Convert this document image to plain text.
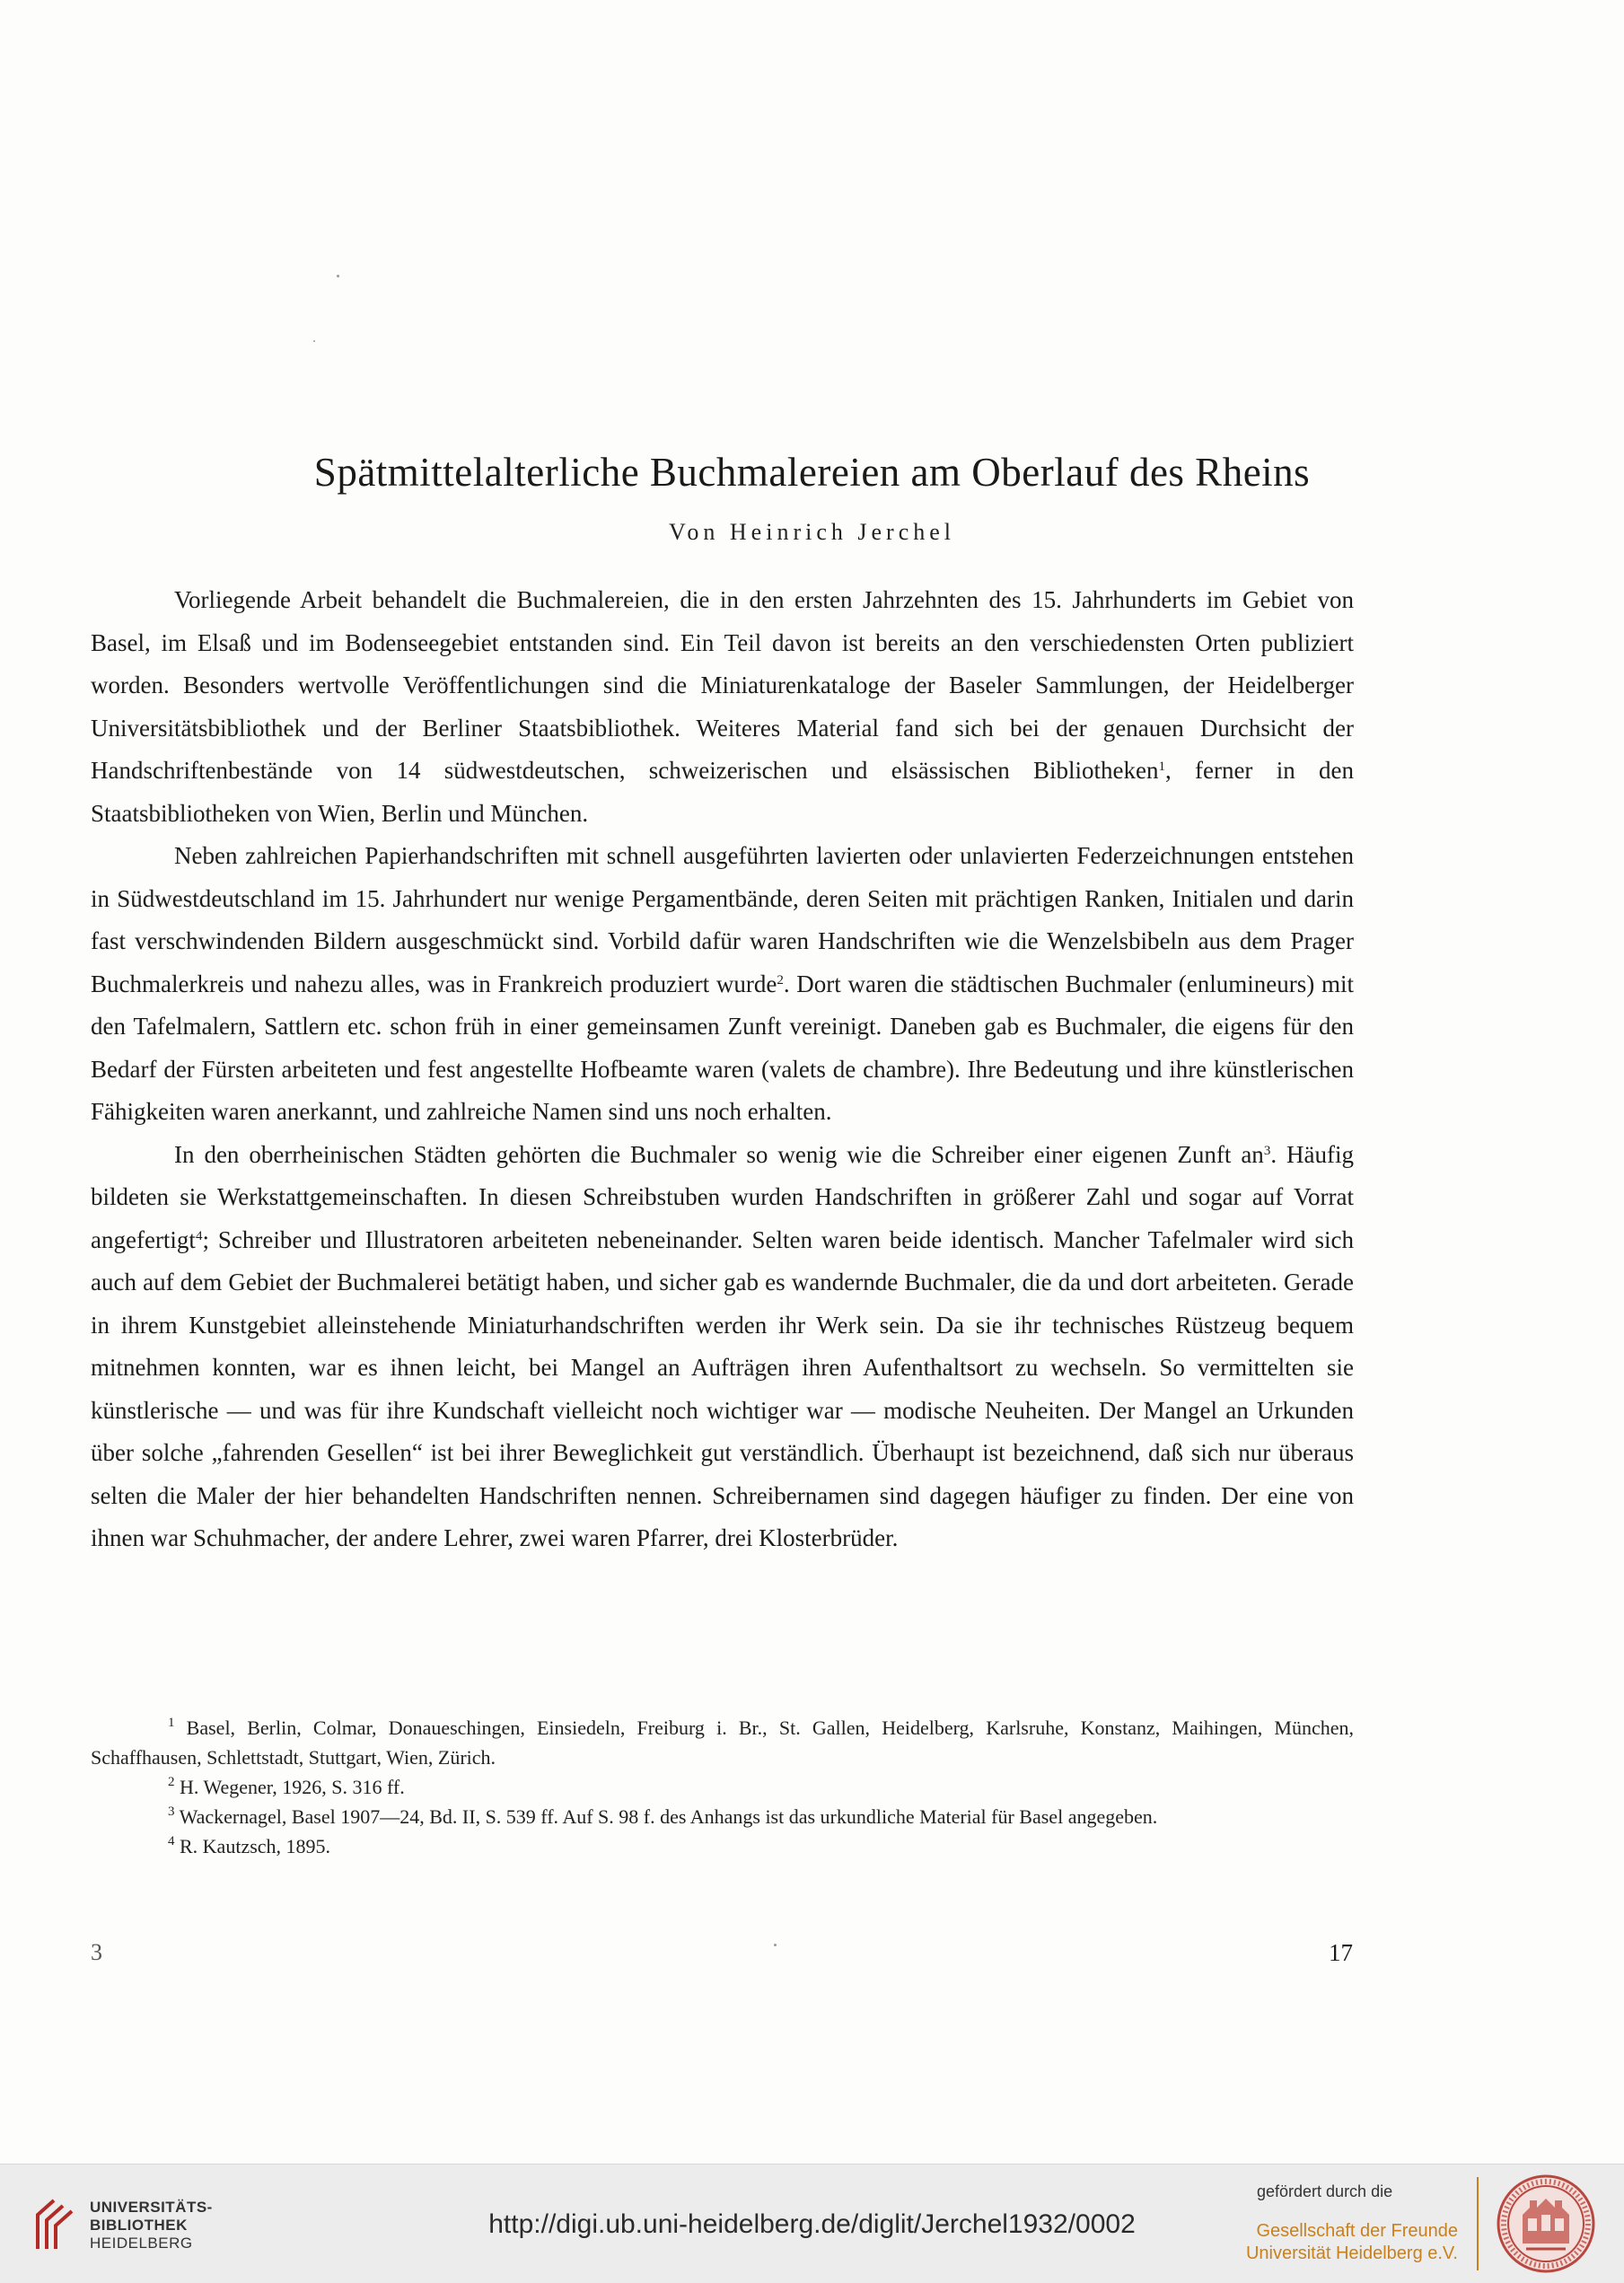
Spätmittelalterliche Buchmalereien am Oberlauf des Rheins
Von Heinrich Jerchel

Vorliegende Arbeit behandelt die Buchmalereien, die in den ersten Jahrzehnten des 15. Jahrhunderts im Gebiet von Basel, im Elsaß und im Bodenseegebiet entstanden sind. Ein Teil davon ist bereits an den verschiedensten Orten publiziert worden. Besonders wertvolle Veröffentlichungen sind die Miniaturenkataloge der Baseler Sammlungen, der Heidelberger Universitätsbibliothek und der Berliner Staatsbibliothek. Weiteres Material fand sich bei der genauen Durchsicht der Handschriftenbestände von 14 südwestdeutschen, schweizerischen und elsässischen Bibliotheken$^1$, ferner in den Staatsbibliotheken von Wien, Berlin und München.

Neben zahlreichen Papierhandschriften mit schnell ausgeführten lavierten oder unlavierten Federzeichnungen entstehen in Südwestdeutschland im 15. Jahrhundert nur wenige Pergamentbände, deren Seiten mit prächtigen Ranken, Initialen und darin fast verschwindenden Bildern ausgeschmückt sind. Vorbild dafür waren Handschriften wie die Wenzelsbibeln aus dem Prager Buchmalerkreis und nahezu alles, was in Frankreich produziert wurde$^2$. Dort waren die städtischen Buchmaler (enlumineurs) mit den Tafelmalern, Sattlern etc. schon früh in einer gemeinsamen Zunft vereinigt. Daneben gab es Buchmaler, die eigens für den Bedarf der Fürsten arbeiteten und fest angestellte Hofbeamte waren (valets de chambre). Ihre Bedeutung und ihre künstlerischen Fähigkeiten waren anerkannt, und zahlreiche Namen sind uns noch erhalten.

In den oberrheinischen Städten gehörten die Buchmaler so wenig wie die Schreiber einer eigenen Zunft $an^3$. Häufig bildeten sie Werkstattgemeinschaften. In diesen Schreibstuben wurden Handschriften in größerer Zahl und sogar auf Vorrat angefertigt$^4$; Schreiber und Illustratoren arbeiteten nebeneinander. Selten waren beide identisch. Mancher Tafelmaler wird sich auch auf dem Gebiet der Buchmalerei betätigt haben, und sicher gab es wandernde Buchmaler, die da und dort arbeiteten. Gerade in ihrem Kunstgebiet alleinstehende Miniaturhandschriften werden ihr Werk sein. Da sie ihr technisches Rüstzeug bequem mitnehmen konnten, war es ihnen leicht, bei Mangel an Aufträgen ihren Aufenthaltsort zu wechseln. So vermittelten sie künstlerische — und was für ihre Kundschaft vielleicht noch wichtiger war — modische Neuheiten. Der Mangel an Urkunden über solche „fahrenden Gesellen“ ist bei ihrer Beweglichkeit gut verständlich. Überhaupt ist bezeichnend, daß sich nur überaus selten die Maler der hier behandelten Handschriften nennen. Schreibernamen sind dagegen häufiger zu finden. Der eine von ihnen war Schuhmacher, der andere Lehrer, zwei waren Pfarrer, drei Klosterbrüder.

$^1$ Basel, Berlin, Colmar, Donaueschingen, Einsiedeln, Freiburg i. Br., St. Gallen, Heidelberg, Karlsruhe, Konstanz, Maihingen, München, Schaffhausen, Schlettstadt, Stuttgart, Wien, Zürich.

$^2$ H. Wegener, 1926, S. 316 ff.

$^3$ Wackernagel, Basel 1907—24, Bd. II, S. 539 ff. Auf S. 98 f. des Anhangs ist das urkundliche Material für Basel angegeben.

$^4$ R. Kautzsch, 1895.

3	17
UNIVERSITÄTS-
BIBLIOTHEK
HEIDELBERG
http://digi.ub.uni-heidelberg.de/diglit/Jerchel1932/0002
gefördert durch die
Gesellschaft der Freunde
Universität Heidelberg e.V.
